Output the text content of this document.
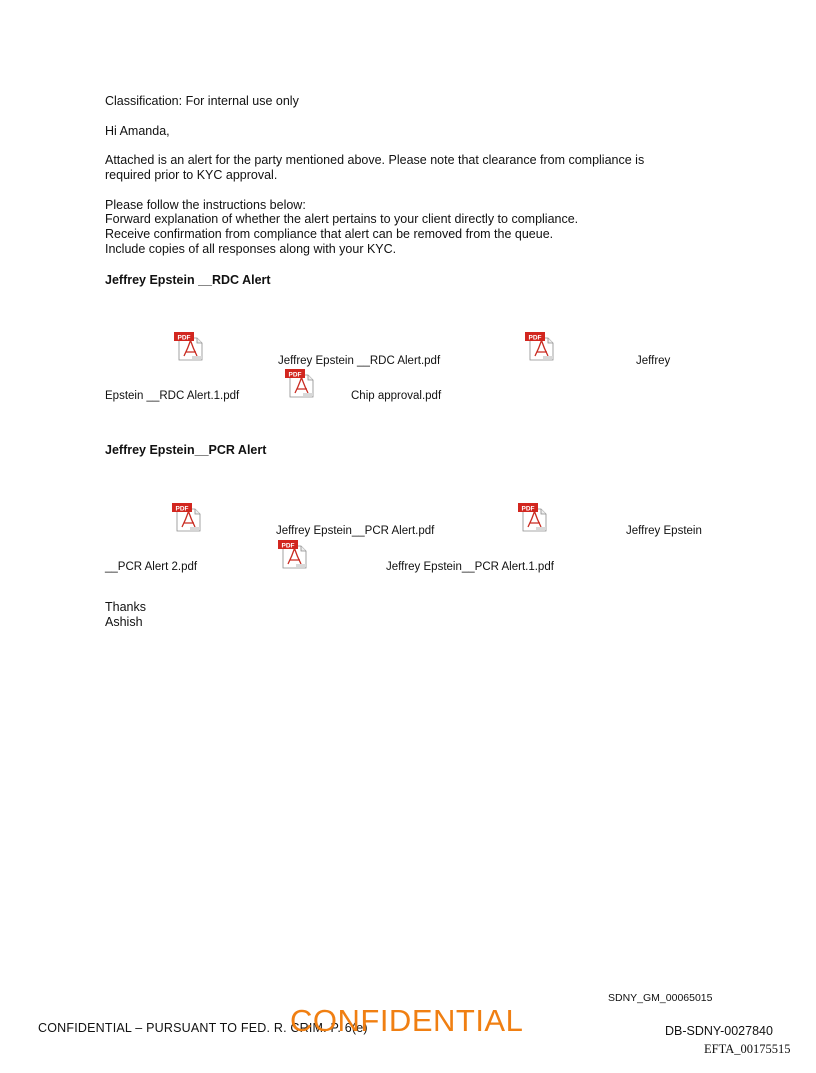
Classification: For internal use only
Hi Amanda,
Attached is an alert for the party mentioned above. Please note that clearance from compliance is
required prior to KYC approval.
Please follow the instructions below:
Forward explanation of whether the alert pertains to your client directly to compliance.
Receive confirmation from compliance that alert can be removed from the queue.
Include copies of all responses along with your KYC.
Jeffrey Epstein __RDC Alert
PDF
Jeffrey Epstein __RDC Alert.pdf
PDF
Jeffrey
Epstein __RDC Alert.1.pdf
PDF
Chip approval.pdf
Jeffrey Epstein__PCR Alert
PDF
Jeffrey Epstein__PCR Alert.pdf
PDF
Jeffrey Epstein
__PCR Alert 2.pdf
PDF
Jeffrey Epstein__PCR Alert.1.pdf
Thanks
Ashish
SDNY_GM_00065015
CONFIDENTIAL – PURSUANT TO FED. R. CRIM. P. 6(e)
CONFIDENTIAL	DB-SDNY-0027840
EFTA_00175515
